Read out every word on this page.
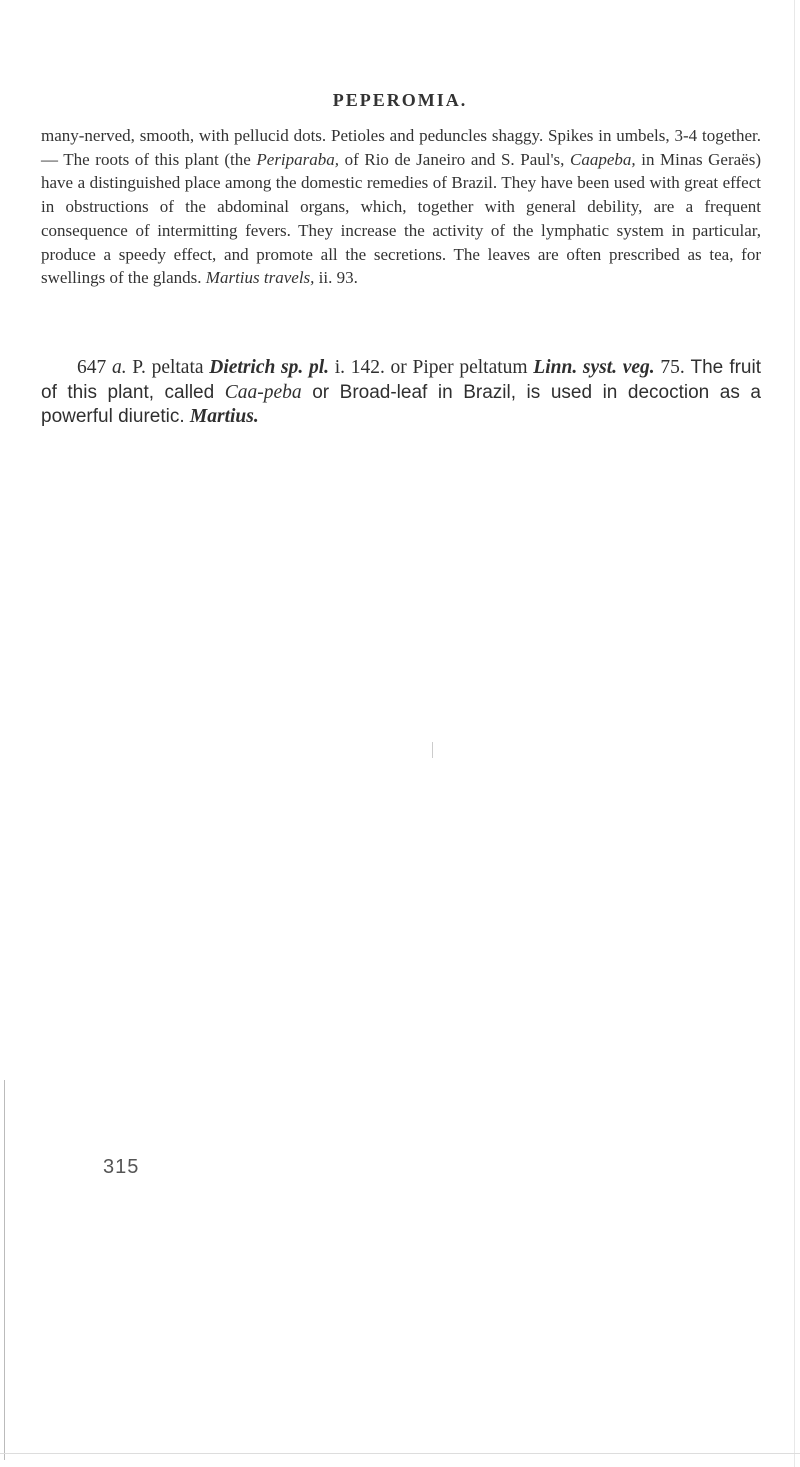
PEPEROMIA.

many-nerved, smooth, with pellucid dots. Petioles and peduncles shaggy. Spikes in umbels, 3-4 together. — The roots of this plant (the Periparaba, of Rio de Janeiro and S. Paul's, Caapeba, in Minas Geraës) have a distinguished place among the domestic remedies of Brazil. They have been used with great effect in obstructions of the abdominal organs, which, together with general debility, are a frequent consequence of intermitting fevers. They increase the activity of the lymphatic system in particular, produce a speedy effect, and promote all the secretions. The leaves are often prescribed as tea, for swellings of the glands. Martius travels, ii. 93.

647 a. P. peltata Dietrich sp. pl. i. 142. or Piper peltatum Linn. syst. veg. 75. The fruit of this plant, called Caa-peba or Broad-leaf in Brazil, is used in decoction as a powerful diuretic. Martius.

315
